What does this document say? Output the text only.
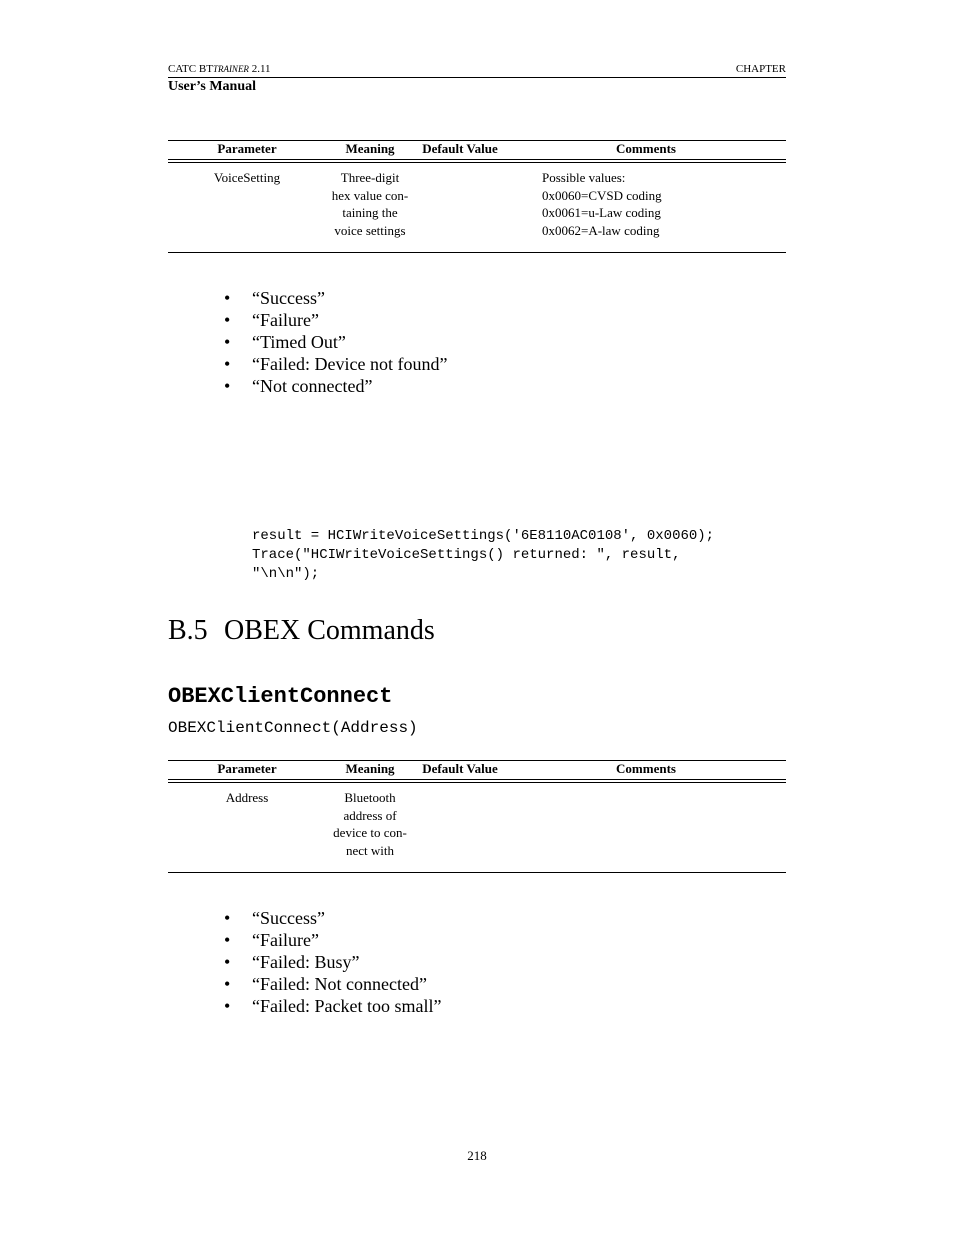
CATC BTTRAINER 2.11	CHAPTER
User’s Manual

Parameter	Meaning	Default Value	Comments

VoiceSetting	Three-digit
hex value con-
taining the
voice settings		Possible values:
0x0060=CVSD coding
0x0061=u-Law coding
0x0062=A-law coding

• “Success”
• “Failure”
• “Timed Out”
• “Failed: Device not found”
• “Not connected”
result = HCIWriteVoiceSettings('6E8110AC0108', 0x0060);
Trace("HCIWriteVoiceSettings() returned: ", result,
"\n\n");
B.5 OBEX Commands
OBEXClientConnect
OBEXClientConnect(Address)

Parameter	Meaning	Default Value	Comments

Address	Bluetooth
address of
device to con-
nect with		

• “Success”
• “Failure”
• “Failed: Busy”
• “Failed: Not connected”
• “Failed: Packet too small”
218
